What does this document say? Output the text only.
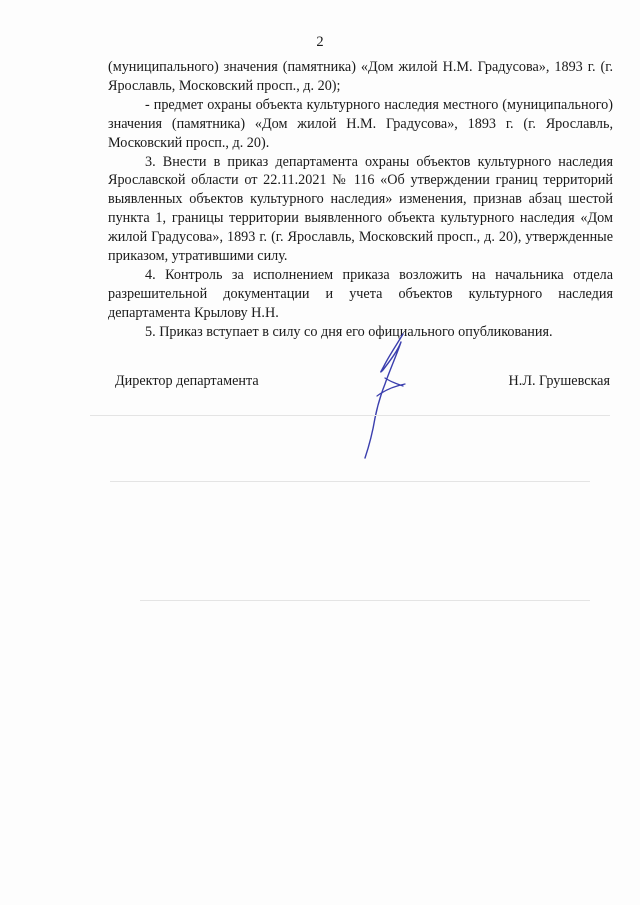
2

(муниципального) значения (памятника) «Дом жилой Н.М. Градусова», 1893 г. (г. Ярославль, Московский просп., д. 20);

- предмет охраны объекта культурного наследия местного (муниципального) значения (памятника) «Дом жилой Н.М. Градусова», 1893 г. (г. Ярославль, Московский просп., д. 20).

3. Внести в приказ департамента охраны объектов культурного наследия Ярославской области от 22.11.2021 № 116 «Об утверждении границ территорий выявленных объектов культурного наследия» изменения, признав абзац шестой пункта 1, границы территории выявленного объекта культурного наследия «Дом жилой Градусова», 1893 г. (г. Ярославль, Московский просп., д. 20), утвержденные приказом, утратившими силу.

4. Контроль за исполнением приказа возложить на начальника отдела разрешительной документации и учета объектов культурного наследия департамента Крылову Н.Н.

5. Приказ вступает в силу со дня его официального опубликования.

Директор департамента	Н.Л. Грушевская
